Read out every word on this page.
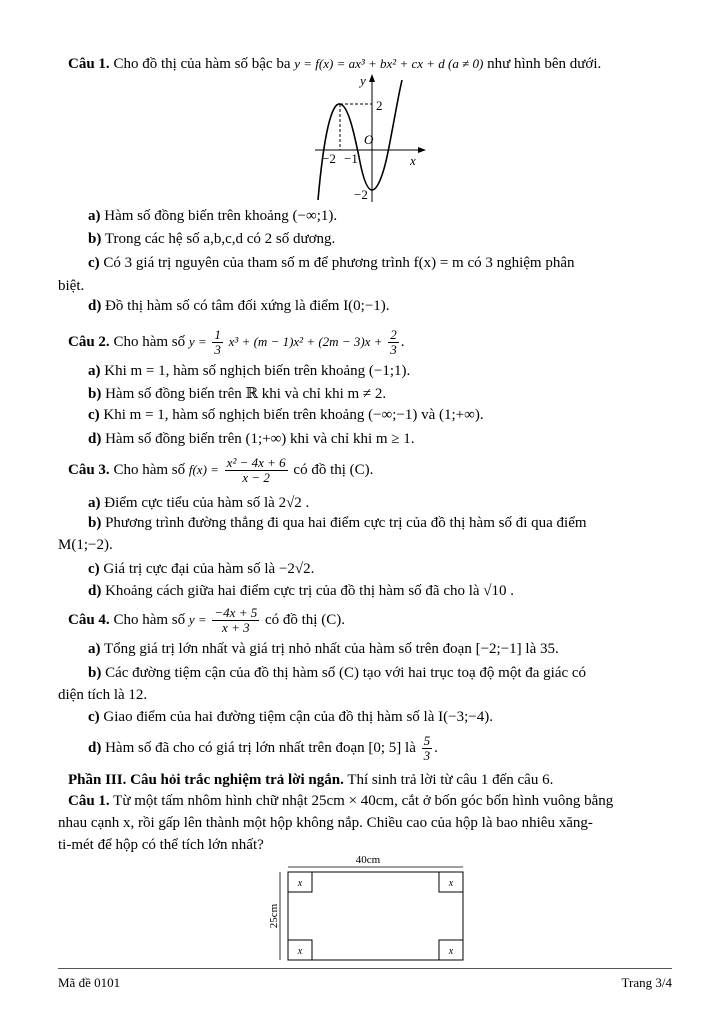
Câu 1. Cho đồ thị của hàm số bậc ba y = f(x) = ax³ + bx² + cx + d (a ≠ 0) như hình bên dưới.
y
x
O
2
−2 −1
−2
a) Hàm số đồng biến trên khoảng (−∞;1).
b) Trong các hệ số a,b,c,d có 2 số dương.
c) Có 3 giá trị nguyên của tham số m để phương trình f(x) = m có 3 nghiệm phân
biệt.
d) Đồ thị hàm số có tâm đối xứng là điểm I(0;−1).
Câu 2. Cho hàm số $y = \frac{1}{3} x^3 + (m - 1)x^2 + (2m - 3)x + \frac{2}{3}$ .
a) Khi m = 1, hàm số nghịch biến trên khoảng (−1;1).
b) Hàm số đồng biến trên ℝ khi và chỉ khi m ≠ 2.
c) Khi m = 1, hàm số nghịch biến trên khoảng (−∞;−1) và (1;+∞).
d) Hàm số đồng biến trên (1;+∞) khi và chỉ khi m ≥ 1.
Câu 3. Cho hàm số $f(x) = \frac{\text{x² − 4x + 6}}{x - 2}$ có đồ thị (C).
a) Điểm cực tiểu của hàm số là 2√2 .
b) Phương trình đường thẳng đi qua hai điểm cực trị của đồ thị hàm số đi qua điểm
M(1;−2).
c) Giá trị cực đại của hàm số là −2√2.
d) Khoảng cách giữa hai điểm cực trị của đồ thị hàm số đã cho là √10 .
Câu 4. Cho hàm số $y = \frac{-4x + 5}{x + 3}$ có đồ thị (C).
a) Tổng giá trị lớn nhất và giá trị nhỏ nhất của hàm số trên đoạn [−2;−1] là 35.
b) Các đường tiệm cận của đồ thị hàm số (C) tạo với hai trục toạ độ một đa giác có
diện tích là 12.
c) Giao điểm của hai đường tiệm cận của đồ thị hàm số là I(−3;−4).
d) Hàm số đã cho có giá trị lớn nhất trên đoạn [0; 5] là $\frac{5}{3}$ .
Phần III. Câu hỏi trắc nghiệm trả lời ngắn. Thí sinh trả lời từ câu 1 đến câu 6.
Câu 1. Từ một tấm nhôm hình chữ nhật 25cm × 40cm, cắt ở bốn góc bốn hình vuông bằng
nhau cạnh x, rồi gấp lên thành một hộp không nắp. Chiều cao của hộp là bao nhiêu xăng-
ti-mét để hộp có thể tích lớn nhất?
40cm
25cm
x	x
x	x
Mã đề 0101	Trang 3/4
